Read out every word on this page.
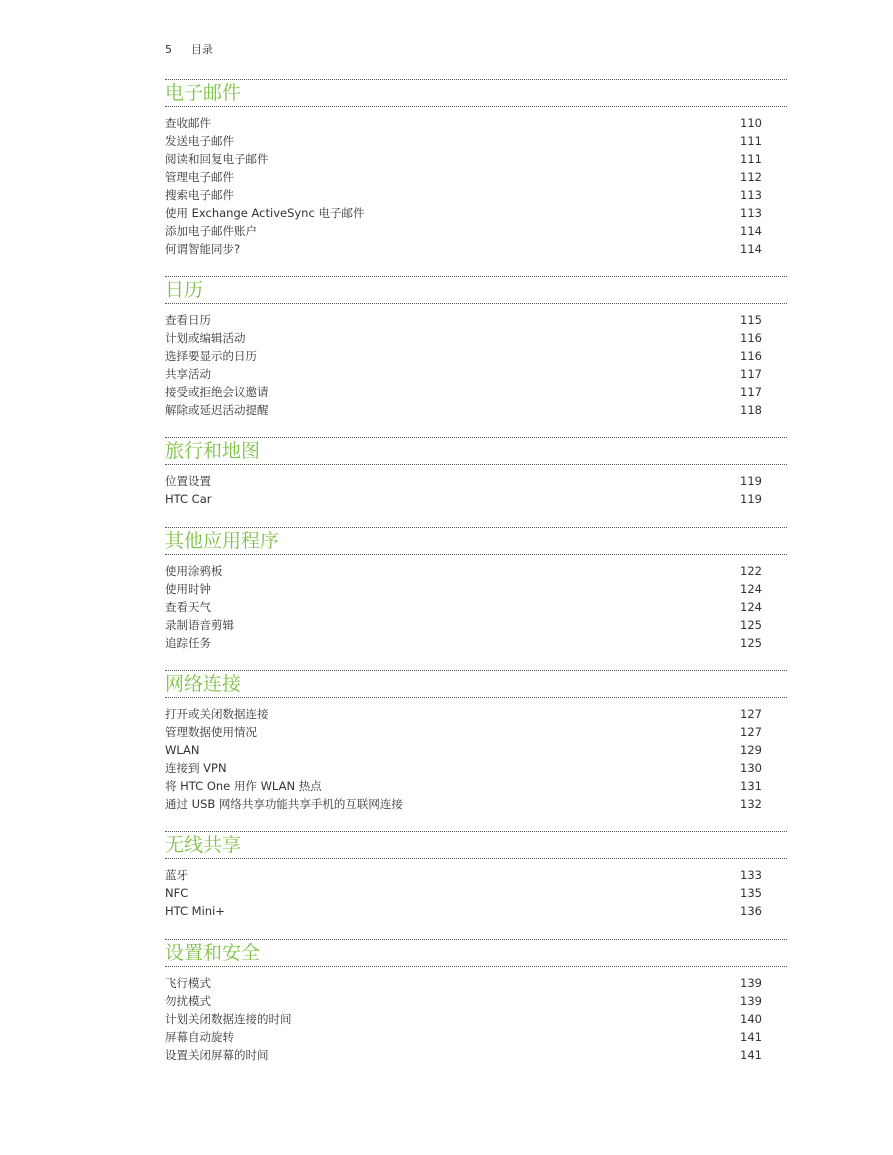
5 目录
电子邮件
查收邮件	110
发送电子邮件	111
阅读和回复电子邮件	111
管理电子邮件	112
搜索电子邮件	113
使用 Exchange ActiveSync 电子邮件	113
添加电子邮件账户	114
何谓智能同步?	114
日历
查看日历	115
计划或编辑活动	116
选择要显示的日历	116
共享活动	117
接受或拒绝会议邀请	117
解除或延迟活动提醒	118
旅行和地图
位置设置	119
HTC Car	119
其他应用程序
使用涂鸦板	122
使用时钟	124
查看天气	124
录制语音剪辑	125
追踪任务	125
网络连接
打开或关闭数据连接	127
管理数据使用情况	127
WLAN	129
连接到 VPN	130
将 HTC One 用作 WLAN 热点	131
通过 USB 网络共享功能共享手机的互联网连接	132
无线共享
蓝牙	133
NFC	135
HTC Mini+	136
设置和安全
飞行模式	139
勿扰模式	139
计划关闭数据连接的时间	140
屏幕自动旋转	141
设置关闭屏幕的时间	141
